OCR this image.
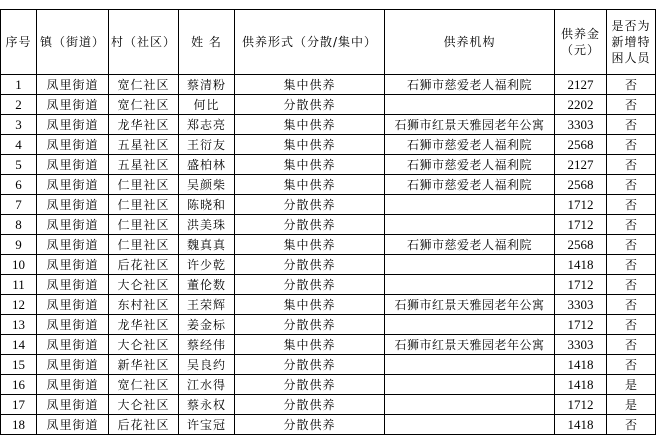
序号	镇（街道）	村（社区）	姓 名	供养形式（分散/集中）	供养机构	供养金（元）	是否为新增特困人员
1	凤里街道	宽仁社区	蔡清粉	集中供养	石狮市慈爱老人福利院	2127	否
2	凤里街道	宽仁社区	何比	分散供养		2202	否
3	凤里街道	龙华社区	郑志亮	集中供养	石狮市红景天雅园老年公寓	3303	否
4	凤里街道	五星社区	王衍友	集中供养	石狮市慈爱老人福利院	2568	否
5	凤里街道	五星社区	盛柏林	集中供养	石狮市慈爱老人福利院	2127	否
6	凤里街道	仁里社区	吴颜柴	集中供养	石狮市慈爱老人福利院	2568	否
7	凤里街道	仁里社区	陈晓和	分散供养		1712	否
8	凤里街道	仁里社区	洪美珠	分散供养		1712	否
9	凤里街道	仁里社区	魏真真	集中供养	石狮市慈爱老人福利院	2568	否
10	凤里街道	后花社区	许少乾	分散供养		1418	否
11	凤里街道	大仑社区	董伦数	分散供养		1712	否
12	凤里街道	东村社区	王荣辉	集中供养	石狮市红景天雅园老年公寓	3303	否
13	凤里街道	龙华社区	姜金标	分散供养		1712	否
14	凤里街道	大仑社区	蔡经伟	集中供养	石狮市红景天雅园老年公寓	3303	否
15	凤里街道	新华社区	吴良约	分散供养		1418	否
16	凤里街道	宽仁社区	江水得	分散供养		1418	是
17	凤里街道	大仑社区	蔡永权	分散供养		1712	是
18	凤里街道	后花社区	许宝冠	分散供养		1418	否
